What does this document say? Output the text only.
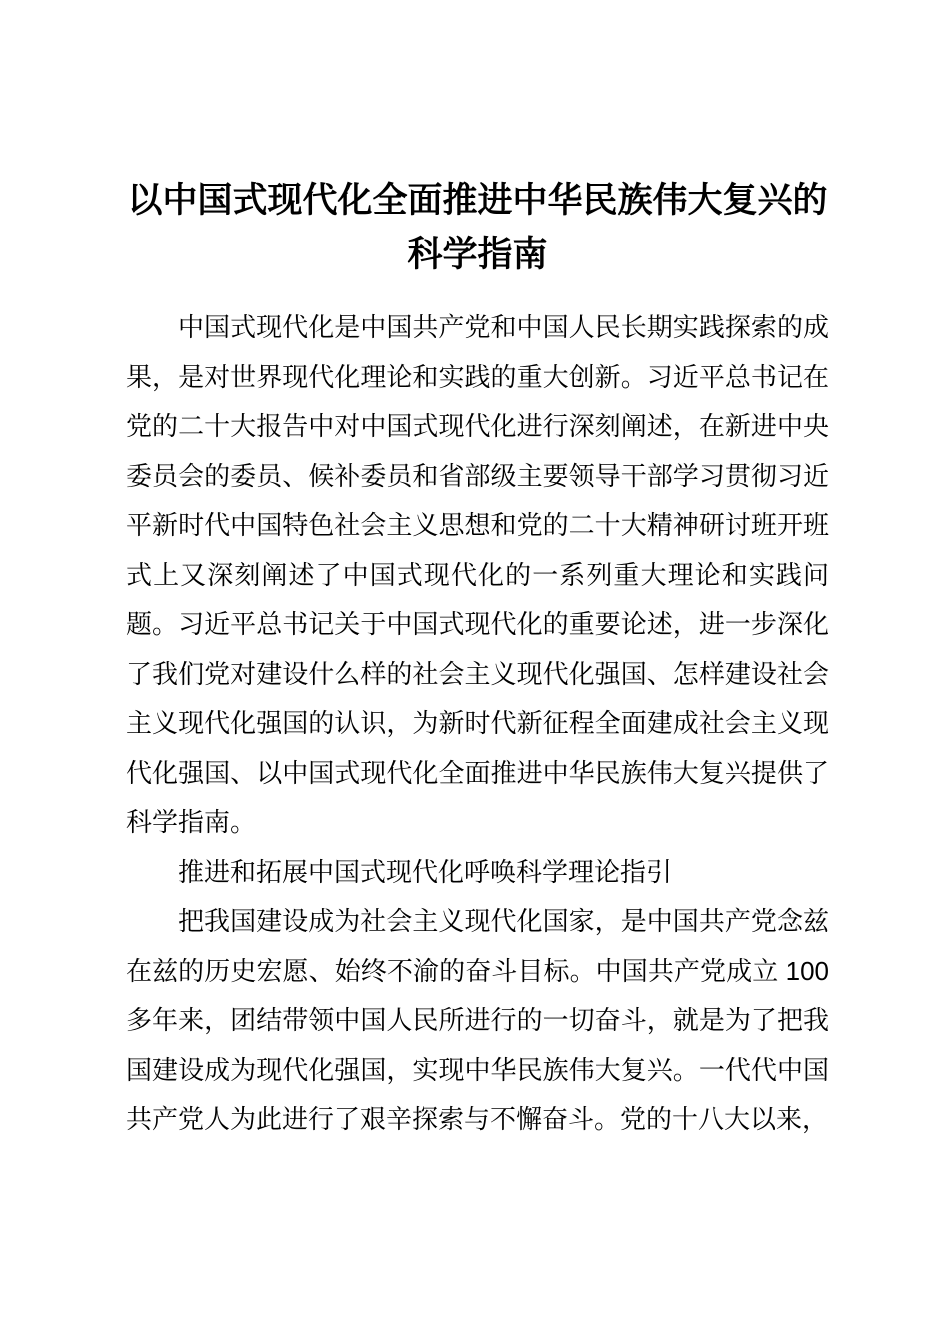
以中国式现代化全面推进中华民族伟大复兴的
科学指南

中国式现代化是中国共产党和中国人民长期实践探索的成果，是对世界现代化理论和实践的重大创新。习近平总书记在党的二十大报告中对中国式现代化进行深刻阐述，在新进中央委员会的委员、候补委员和省部级主要领导干部学习贯彻习近平新时代中国特色社会主义思想和党的二十大精神研讨班开班式上又深刻阐述了中国式现代化的一系列重大理论和实践问题。习近平总书记关于中国式现代化的重要论述，进一步深化了我们党对建设什么样的社会主义现代化强国、怎样建设社会主义现代化强国的认识，为新时代新征程全面建成社会主义现代化强国、以中国式现代化全面推进中华民族伟大复兴提供了科学指南。

推进和拓展中国式现代化呼唤科学理论指引

把我国建设成为社会主义现代化国家，是中国共产党念兹在兹的历史宏愿、始终不渝的奋斗目标。中国共产党成立 100 多年来，团结带领中国人民所进行的一切奋斗，就是为了把我国建设成为现代化强国，实现中华民族伟大复兴。一代代中国共产党人为此进行了艰辛探索与不懈奋斗。党的十八大以来，
